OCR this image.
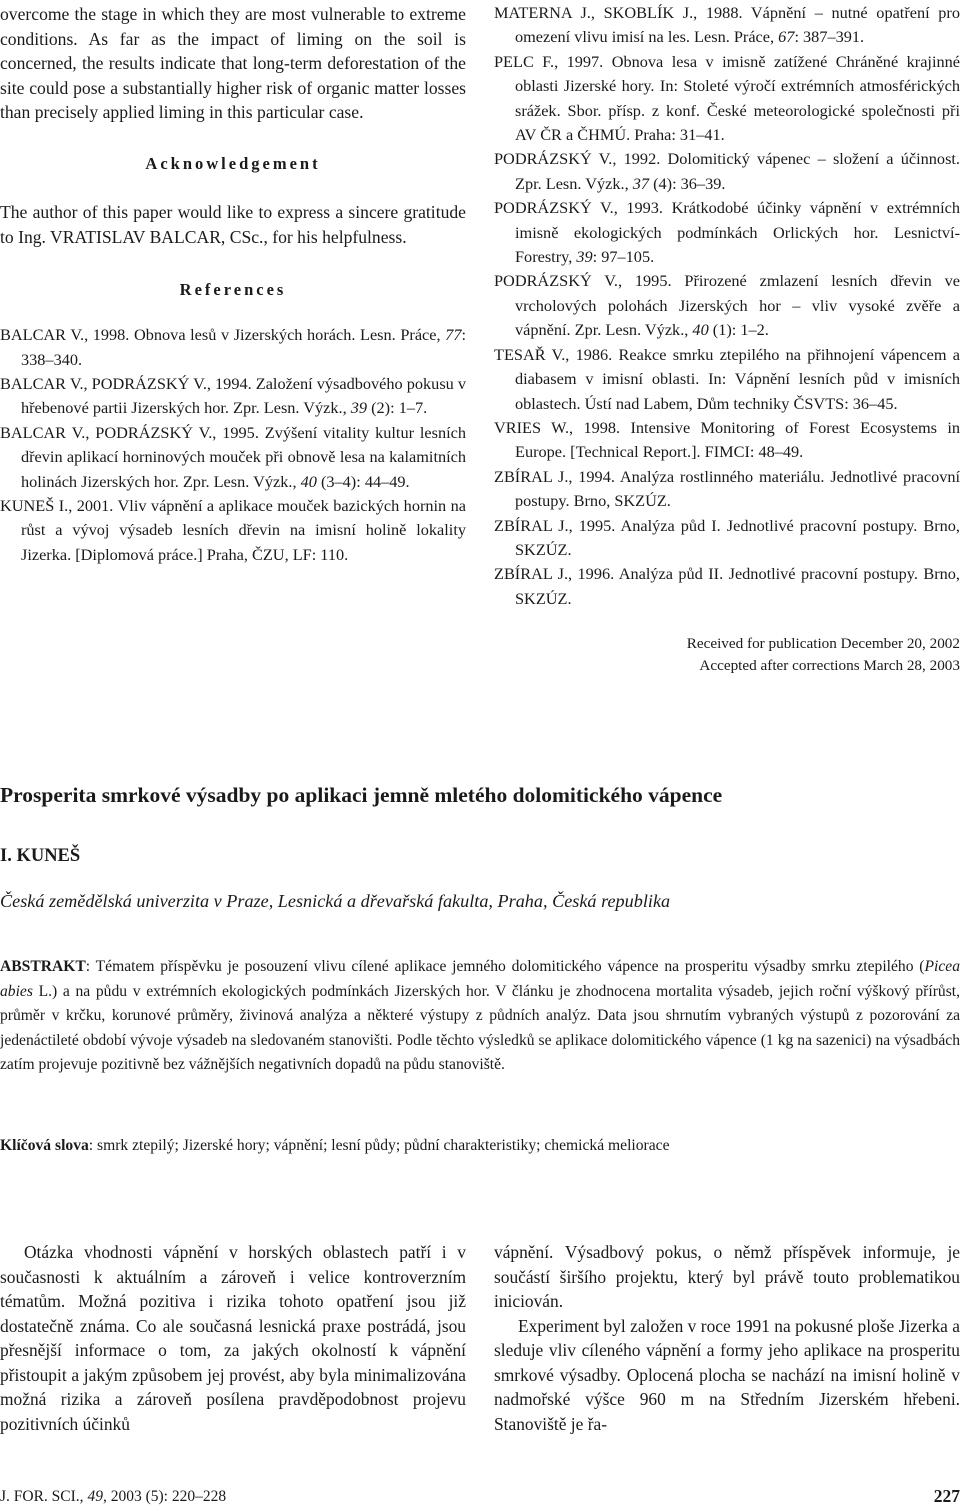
overcome the stage in which they are most vulnerable to extreme conditions. As far as the impact of liming on the soil is concerned, the results indicate that long-term deforestation of the site could pose a substantially higher risk of organic matter losses than precisely applied liming in this particular case.

Acknowledgement

The author of this paper would like to express a sincere gratitude to Ing. VRATISLAV BALCAR, CSc., for his helpfulness.

References

BALCAR V., 1998. Obnova lesů v Jizerských horách. Lesn. Práce, 77: 338–340.

BALCAR V., PODRÁZSKÝ V., 1994. Založení výsadbového pokusu v hřebenové partii Jizerských hor. Zpr. Lesn. Výzk., 39 (2): 1–7.

BALCAR V., PODRÁZSKÝ V., 1995. Zvýšení vitality kultur lesních dřevin aplikací horninových mouček při obnově lesa na kalamitních holinách Jizerských hor. Zpr. Lesn. Výzk., 40 (3–4): 44–49.

KUNEŠ I., 2001. Vliv vápnění a aplikace mouček bazických hornin na růst a vývoj výsadeb lesních dřevin na imisní holině lokality Jizerka. [Diplomová práce.] Praha, ČZU, LF: 110.

MATERNA J., SKOBLÍK J., 1988. Vápnění – nutné opatření pro omezení vlivu imisí na les. Lesn. Práce, 67: 387–391.

PELC F., 1997. Obnova lesa v imisně zatížené Chráněné krajinné oblasti Jizerské hory. In: Stoleté výročí extrémních atmosférických srážek. Sbor. přísp. z konf. České meteorologické společnosti při AV ČR a ČHMÚ. Praha: 31–41.

PODRÁZSKÝ V., 1992. Dolomitický vápenec – složení a účinnost. Zpr. Lesn. Výzk., 37 (4): 36–39.

PODRÁZSKÝ V., 1993. Krátkodobé účinky vápnění v extrémních imisně ekologických podmínkách Orlických hor. Lesnictví-Forestry, 39: 97–105.

PODRÁZSKÝ V., 1995. Přirozené zmlazení lesních dřevin ve vrcholových polohách Jizerských hor – vliv vysoké zvěře a vápnění. Zpr. Lesn. Výzk., 40 (1): 1–2.

TESAŘ V., 1986. Reakce smrku ztepilého na přihnojení vápencem a diabasem v imisní oblasti. In: Vápnění lesních půd v imisních oblastech. Ústí nad Labem, Dům techniky ČSVTS: 36–45.

VRIES W., 1998. Intensive Monitoring of Forest Ecosystems in Europe. [Technical Report.]. FIMCI: 48–49.

ZBÍRAL J., 1994. Analýza rostlinného materiálu. Jednotlivé pracovní postupy. Brno, SKZÚZ.

ZBÍRAL J., 1995. Analýza půd I. Jednotlivé pracovní postupy. Brno, SKZÚZ.

ZBÍRAL J., 1996. Analýza půd II. Jednotlivé pracovní postupy. Brno, SKZÚZ.

Received for publication December 20, 2002
Accepted after corrections March 28, 2003
Prosperita smrkové výsadby po aplikaci jemně mletého dolomitického vápence
I. KUNEŠ
Česká zemědělská univerzita v Praze, Lesnická a dřevařská fakulta, Praha, Česká republika

ABSTRAKT: Tématem příspěvku je posouzení vlivu cílené aplikace jemného dolomitického vápence na prosperitu výsadby smrku ztepilého (Picea abies L.) a na půdu v extrémních ekologických podmínkách Jizerských hor. V článku je zhodnocena mortalita výsadeb, jejich roční výškový přírůst, průměr v krčku, korunové průměry, živinová analýza a některé výstupy z půdních analýz. Data jsou shrnutím vybraných výstupů z pozorování za jedenáctileté období vývoje výsadeb na sledovaném stanovišti. Podle těchto výsledků se aplikace dolomitického vápence (1 kg na sazenici) na výsadbách zatím projevuje pozitivně bez vážnějších negativních dopadů na půdu stanoviště.

Klíčová slova: smrk ztepilý; Jizerské hory; vápnění; lesní půdy; půdní charakteristiky; chemická meliorace

Otázka vhodnosti vápnění v horských oblastech patří i v současnosti k aktuálním a zároveň i velice kontroverzním tématům. Možná pozitiva i rizika tohoto opatření jsou již dostatečně známa. Co ale současná lesnická praxe postrádá, jsou přesnější informace o tom, za jakých okolností k vápnění přistoupit a jakým způsobem jej provést, aby byla minimalizována možná rizika a zároveň posílena pravděpodobnost projevu pozitivních účinků

vápnění. Výsadbový pokus, o němž příspěvek informuje, je součástí širšího projektu, který byl právě touto problematikou iniciován.

Experiment byl založen v roce 1991 na pokusné ploše Jizerka a sleduje vliv cíleného vápnění a formy jeho aplikace na prosperitu smrkové výsadby. Oplocená plocha se nachází na imisní holině v nadmořské výšce 960 m na Středním Jizerském hřebeni. Stanoviště je řa-

J. FOR. SCI., 49, 2003 (5): 220–228	227
